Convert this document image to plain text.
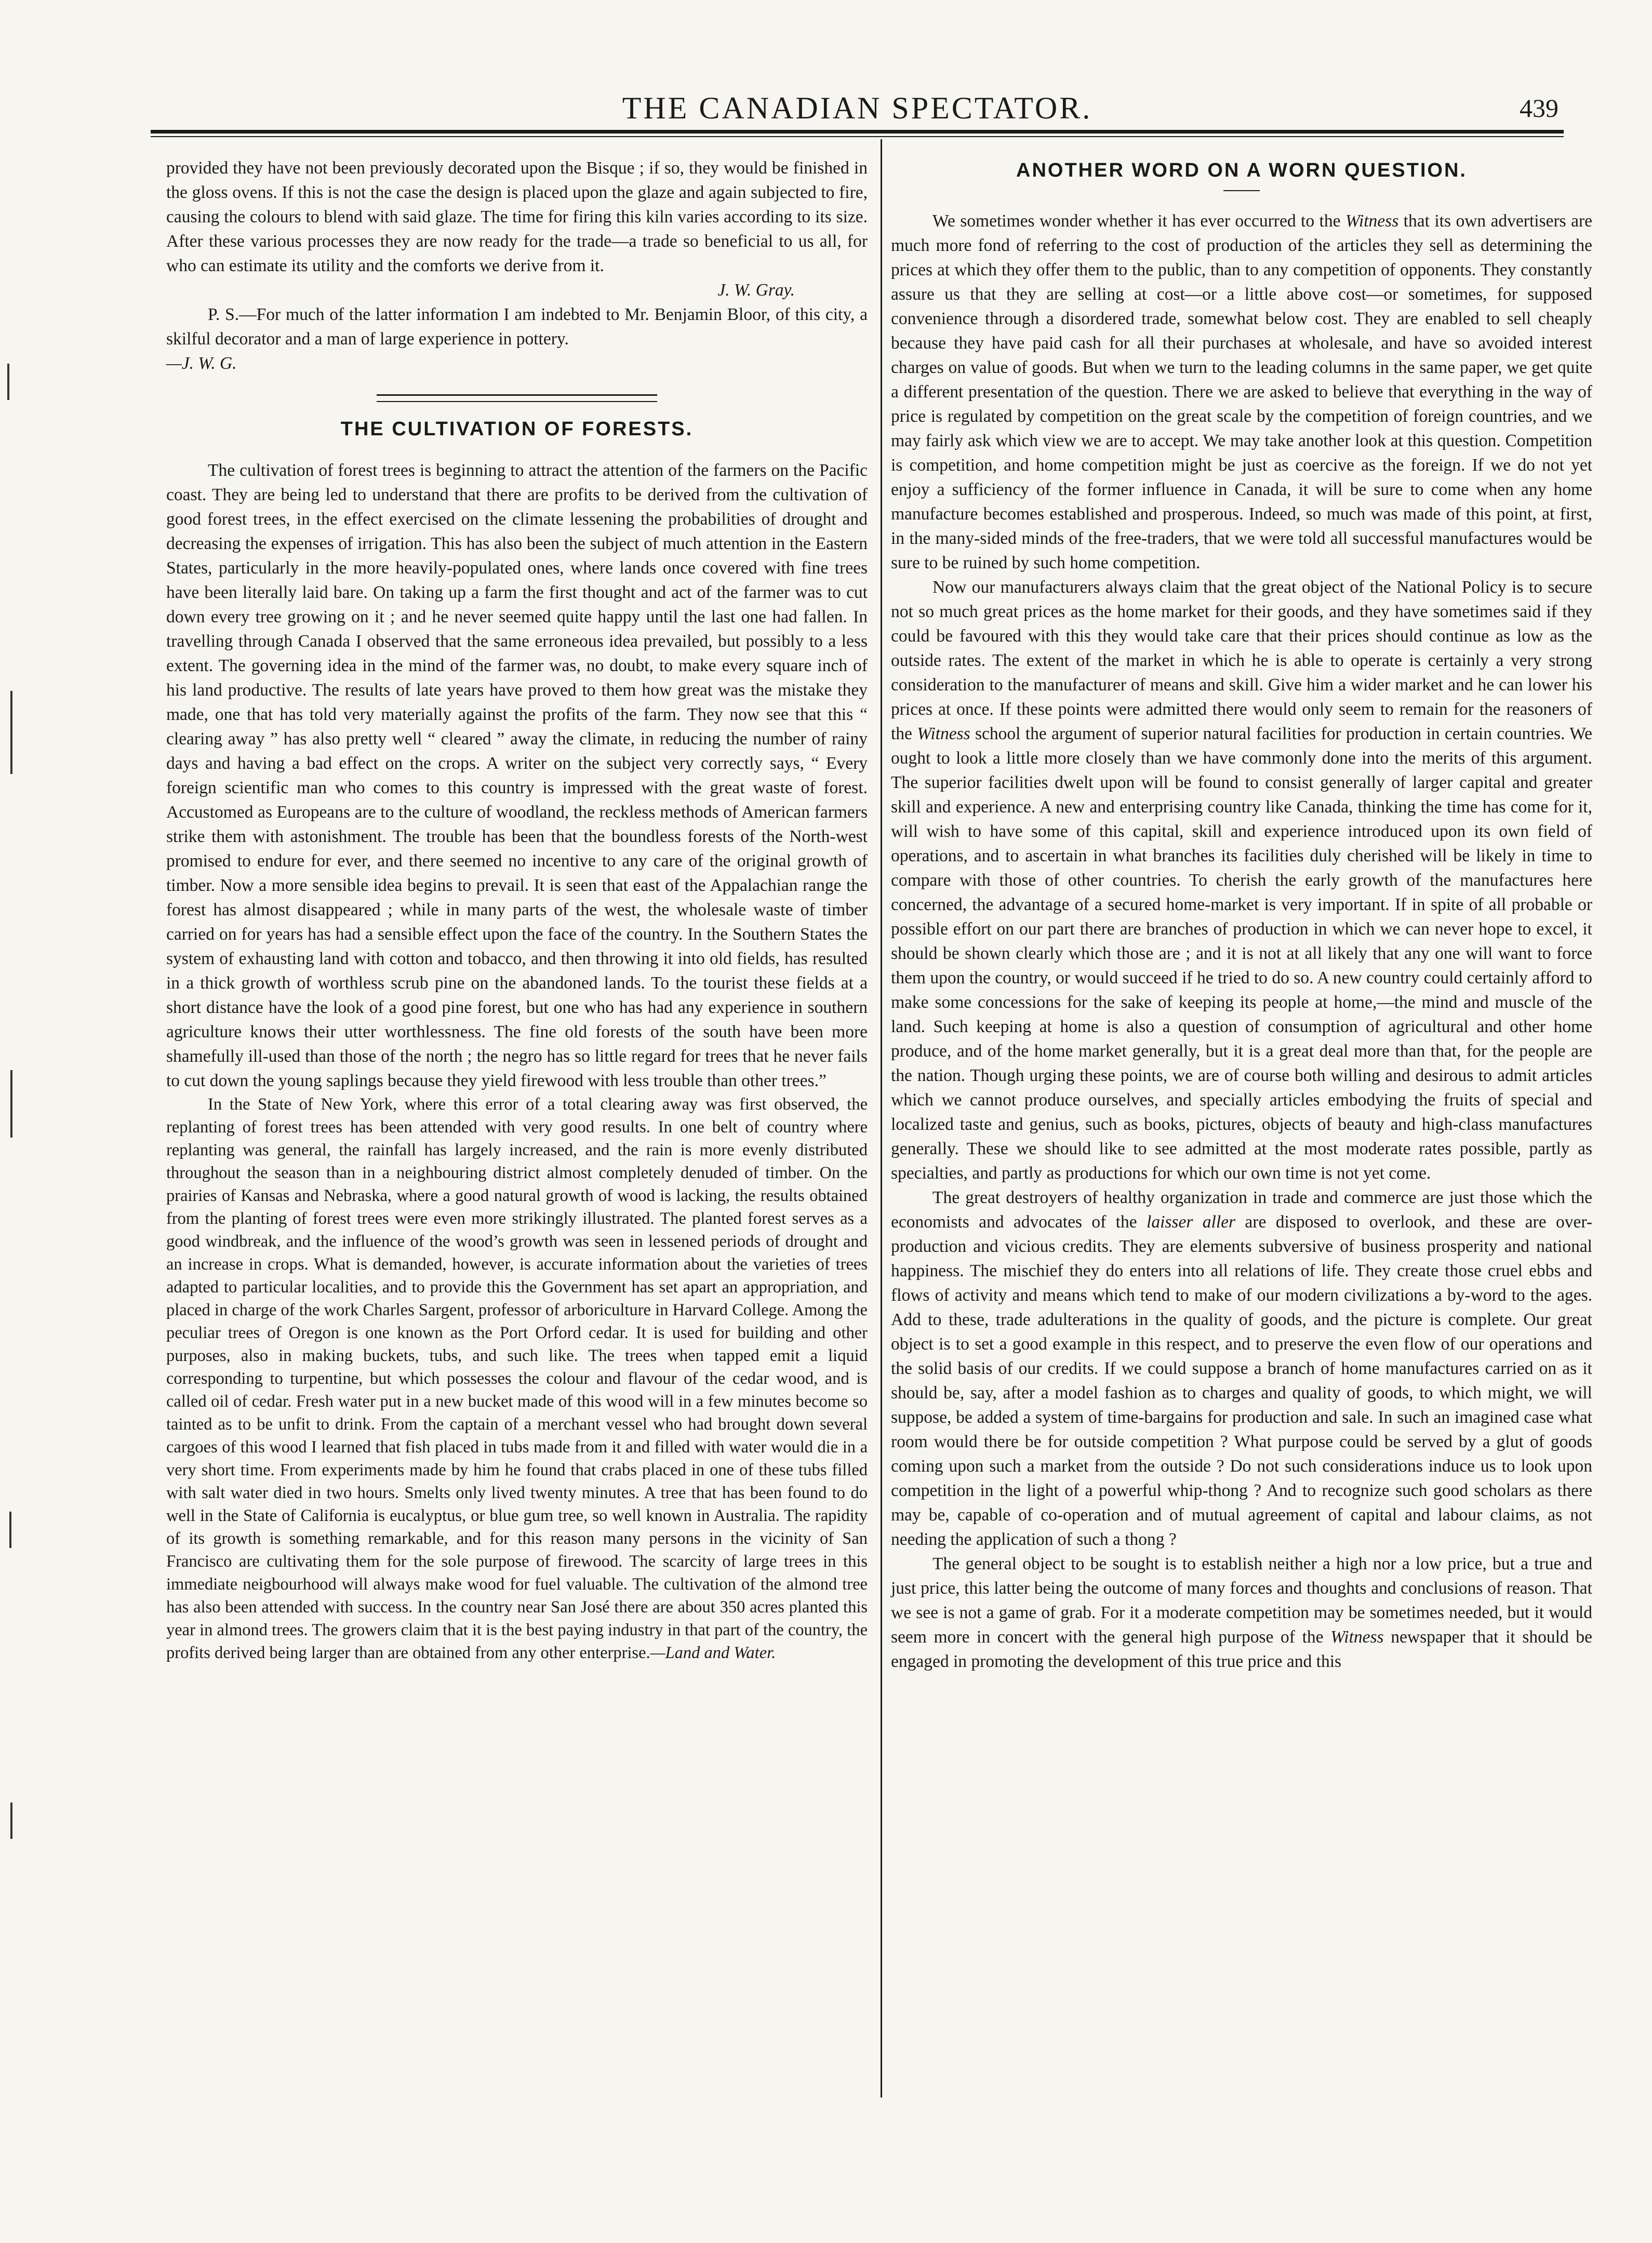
THE CANADIAN SPECTATOR.	439

provided they have not been previously decorated upon the Bisque ; if so, they would be finished in the gloss ovens. If this is not the case the design is placed upon the glaze and again subjected to fire, causing the colours to blend with said glaze. The time for firing this kiln varies according to its size. After these various processes they are now ready for the trade—a trade so beneficial to us all, for who can estimate its utility and the comforts we derive from it.

J. W. Gray.

P. S.—For much of the latter information I am indebted to Mr. Benjamin Bloor, of this city, a skilful decorator and a man of large experience in pottery.

—J. W. G.
THE CULTIVATION OF FORESTS.

The cultivation of forest trees is beginning to attract the attention of the farmers on the Pacific coast. They are being led to understand that there are profits to be derived from the cultivation of good forest trees, in the effect exercised on the climate lessening the probabilities of drought and decreasing the expenses of irrigation. This has also been the subject of much attention in the Eastern States, particularly in the more heavily-populated ones, where lands once covered with fine trees have been literally laid bare. On taking up a farm the first thought and act of the farmer was to cut down every tree growing on it ; and he never seemed quite happy until the last one had fallen. In travelling through Canada I observed that the same erroneous idea prevailed, but possibly to a less extent. The governing idea in the mind of the farmer was, no doubt, to make every square inch of his land productive. The results of late years have proved to them how great was the mistake they made, one that has told very materially against the profits of the farm. They now see that this “ clearing away ” has also pretty well “ cleared ” away the climate, in reducing the number of rainy days and having a bad effect on the crops. A writer on the subject very correctly says, “ Every foreign scientific man who comes to this country is impressed with the great waste of forest. Accustomed as Europeans are to the culture of woodland, the reckless methods of American farmers strike them with astonishment. The trouble has been that the boundless forests of the North-west promised to endure for ever, and there seemed no incentive to any care of the original growth of timber. Now a more sensible idea begins to prevail. It is seen that east of the Appalachian range the forest has almost disappeared ; while in many parts of the west, the wholesale waste of timber carried on for years has had a sensible effect upon the face of the country. In the Southern States the system of exhausting land with cotton and tobacco, and then throwing it into old fields, has resulted in a thick growth of worthless scrub pine on the abandoned lands. To the tourist these fields at a short distance have the look of a good pine forest, but one who has had any experience in southern agriculture knows their utter worthlessness. The fine old forests of the south have been more shamefully ill-used than those of the north ; the negro has so little regard for trees that he never fails to cut down the young saplings because they yield firewood with less trouble than other trees.”

In the State of New York, where this error of a total clearing away was first observed, the replanting of forest trees has been attended with very good results. In one belt of country where replanting was general, the rainfall has largely increased, and the rain is more evenly distributed throughout the season than in a neighbouring district almost completely denuded of timber. On the prairies of Kansas and Nebraska, where a good natural growth of wood is lacking, the results obtained from the planting of forest trees were even more strikingly illustrated. The planted forest serves as a good windbreak, and the influence of the wood’s growth was seen in lessened periods of drought and an increase in crops. What is demanded, however, is accurate information about the varieties of trees adapted to particular localities, and to provide this the Government has set apart an appropriation, and placed in charge of the work Charles Sargent, professor of arboriculture in Harvard College. Among the peculiar trees of Oregon is one known as the Port Orford cedar. It is used for building and other purposes, also in making buckets, tubs, and such like. The trees when tapped emit a liquid corresponding to turpentine, but which possesses the colour and flavour of the cedar wood, and is called oil of cedar. Fresh water put in a new bucket made of this wood will in a few minutes become so tainted as to be unfit to drink. From the captain of a merchant vessel who had brought down several cargoes of this wood I learned that fish placed in tubs made from it and filled with water would die in a very short time. From experiments made by him he found that crabs placed in one of these tubs filled with salt water died in two hours. Smelts only lived twenty minutes. A tree that has been found to do well in the State of California is eucalyptus, or blue gum tree, so well known in Australia. The rapidity of its growth is something remarkable, and for this reason many persons in the vicinity of San Francisco are cultivating them for the sole purpose of firewood. The scarcity of large trees in this immediate neigbourhood will always make wood for fuel valuable. The cultivation of the almond tree has also been attended with success. In the country near San José there are about 350 acres planted this year in almond trees. The growers claim that it is the best paying industry in that part of the country, the profits derived being larger than are obtained from any other enterprise.—Land and Water.

ANOTHER WORD ON A WORN QUESTION.

We sometimes wonder whether it has ever occurred to the Witness that its own advertisers are much more fond of referring to the cost of production of the articles they sell as determining the prices at which they offer them to the public, than to any competition of opponents. They constantly assure us that they are selling at cost—or a little above cost—or sometimes, for supposed convenience through a disordered trade, somewhat below cost. They are enabled to sell cheaply because they have paid cash for all their purchases at wholesale, and have so avoided interest charges on value of goods. But when we turn to the leading columns in the same paper, we get quite a different presentation of the question. There we are asked to believe that everything in the way of price is regulated by competition on the great scale by the competition of foreign countries, and we may fairly ask which view we are to accept. We may take another look at this question. Competition is competition, and home competition might be just as coercive as the foreign. If we do not yet enjoy a sufficiency of the former influence in Canada, it will be sure to come when any home manufacture becomes established and prosperous. Indeed, so much was made of this point, at first, in the many-sided minds of the free-traders, that we were told all successful manufactures would be sure to be ruined by such home competition.

Now our manufacturers always claim that the great object of the National Policy is to secure not so much great prices as the home market for their goods, and they have sometimes said if they could be favoured with this they would take care that their prices should continue as low as the outside rates. The extent of the market in which he is able to operate is certainly a very strong consideration to the manufacturer of means and skill. Give him a wider market and he can lower his prices at once. If these points were admitted there would only seem to remain for the reasoners of the Witness school the argument of superior natural facilities for production in certain countries. We ought to look a little more closely than we have commonly done into the merits of this argument. The superior facilities dwelt upon will be found to consist generally of larger capital and greater skill and experience. A new and enterprising country like Canada, thinking the time has come for it, will wish to have some of this capital, skill and experience introduced upon its own field of operations, and to ascertain in what branches its facilities duly cherished will be likely in time to compare with those of other countries. To cherish the early growth of the manufactures here concerned, the advantage of a secured home-market is very important. If in spite of all probable or possible effort on our part there are branches of production in which we can never hope to excel, it should be shown clearly which those are ; and it is not at all likely that any one will want to force them upon the country, or would succeed if he tried to do so. A new country could certainly afford to make some concessions for the sake of keeping its people at home,—the mind and muscle of the land. Such keeping at home is also a question of consumption of agricultural and other home produce, and of the home market generally, but it is a great deal more than that, for the people are the nation. Though urging these points, we are of course both willing and desirous to admit articles which we cannot produce ourselves, and specially articles embodying the fruits of special and localized taste and genius, such as books, pictures, objects of beauty and high-class manufactures generally. These we should like to see admitted at the most moderate rates possible, partly as specialties, and partly as productions for which our own time is not yet come.

The great destroyers of healthy organization in trade and commerce are just those which the economists and advocates of the laisser aller are disposed to overlook, and these are over-production and vicious credits. They are elements subversive of business prosperity and national happiness. The mischief they do enters into all relations of life. They create those cruel ebbs and flows of activity and means which tend to make of our modern civilizations a by-word to the ages. Add to these, trade adulterations in the quality of goods, and the picture is complete. Our great object is to set a good example in this respect, and to preserve the even flow of our operations and the solid basis of our credits. If we could suppose a branch of home manufactures carried on as it should be, say, after a model fashion as to charges and quality of goods, to which might, we will suppose, be added a system of time-bargains for production and sale. In such an imagined case what room would there be for outside competition ? What purpose could be served by a glut of goods coming upon such a market from the outside ? Do not such considerations induce us to look upon competition in the light of a powerful whip-thong ? And to recognize such good scholars as there may be, capable of co-operation and of mutual agreement of capital and labour claims, as not needing the application of such a thong ?

The general object to be sought is to establish neither a high nor a low price, but a true and just price, this latter being the outcome of many forces and thoughts and conclusions of reason. That we see is not a game of grab. For it a moderate competition may be sometimes needed, but it would seem more in concert with the general high purpose of the Witness newspaper that it should be engaged in promoting the development of this true price and this
